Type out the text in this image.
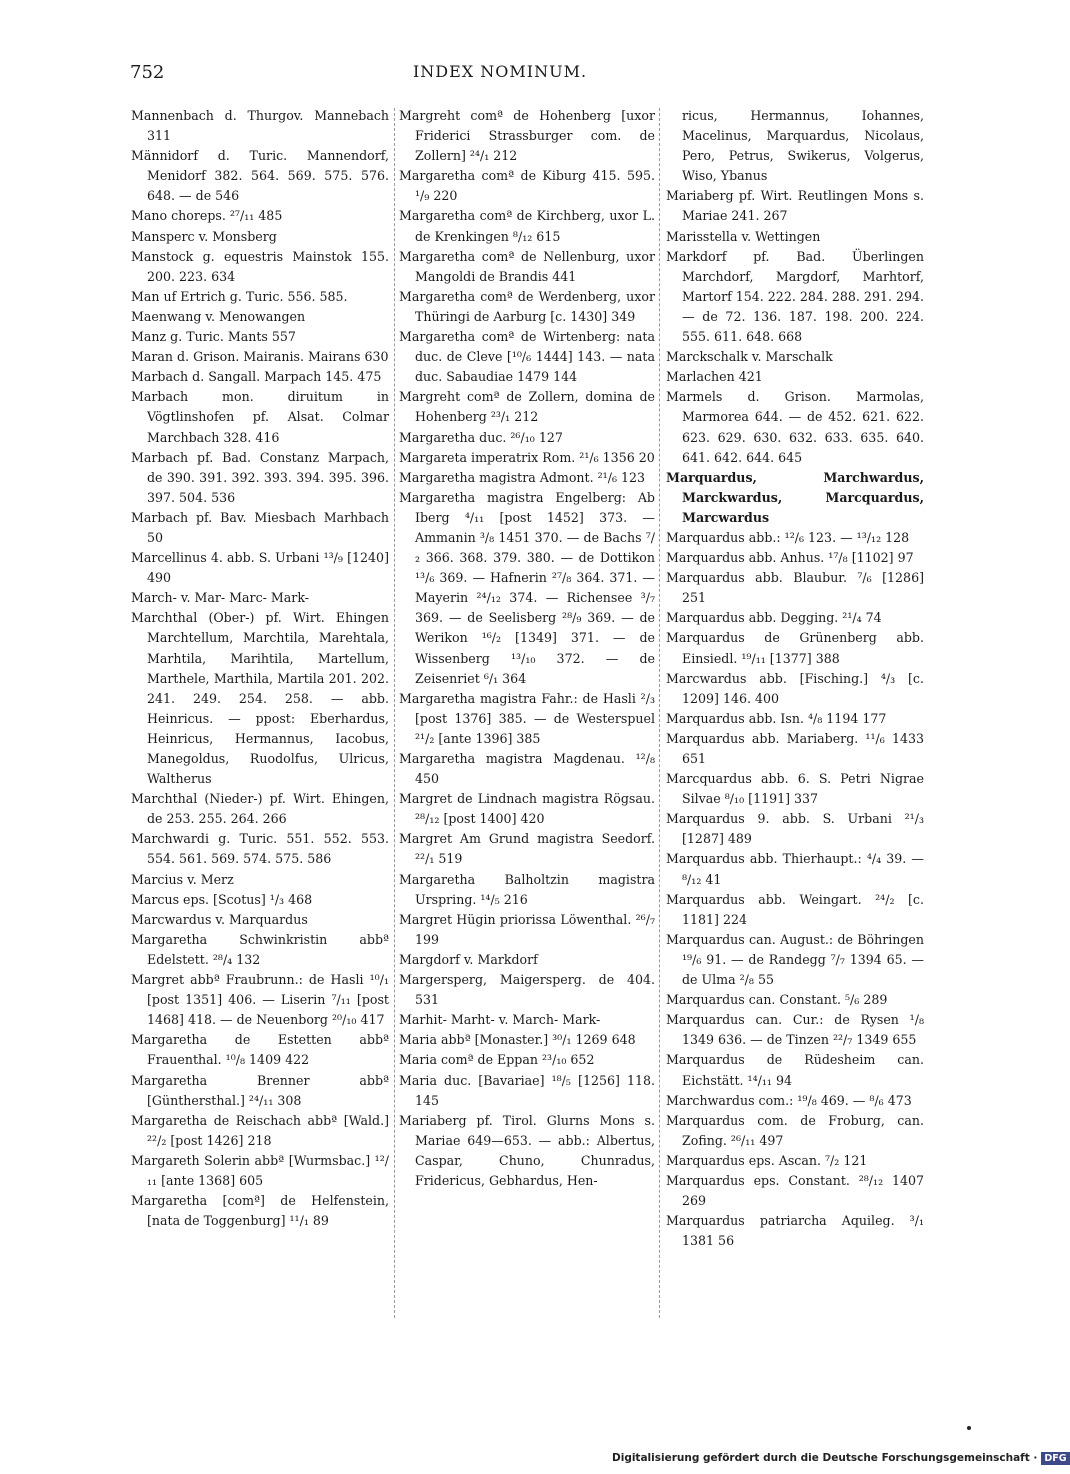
752	INDEX NOMINUM.

Mannenbach d. Thurgov. Mannebach 311

Männidorf d. Turic. Mannendorf, Menidorf 382. 564. 569. 575. 576. 648. — de 546

Mano choreps. ²⁷/₁₁ 485

Mansperc v. Monsberg

Manstock g. equestris Mainstok 155. 200. 223. 634

Man uf Ertrich g. Turic. 556. 585.

Maenwang v. Menowangen

Manz g. Turic. Mants 557

Maran d. Grison. Mairanis. Mairans 630

Marbach d. Sangall. Marpach 145. 475

Marbach mon. diruitum in Vögtlinshofen pf. Alsat. Colmar Marchbach 328. 416

Marbach pf. Bad. Constanz Marpach, de 390. 391. 392. 393. 394. 395. 396. 397. 504. 536

Marbach pf. Bav. Miesbach Marhbach 50

Marcellinus 4. abb. S. Urbani ¹³/₉ [1240] 490

March- v. Mar- Marc- Mark-

Marchthal (Ober-) pf. Wirt. Ehingen Marchtellum, Marchtila, Marehtala, Marhtila, Marihtila, Martellum, Marthele, Marthila, Martila 201. 202. 241. 249. 254. 258. — abb. Heinricus. — ppost: Eberhardus, Heinricus, Hermannus, Iacobus, Manegoldus, Ruodolfus, Ulricus, Waltherus

Marchthal (Nieder-) pf. Wirt. Ehingen, de 253. 255. 264. 266

Marchwardi g. Turic. 551. 552. 553. 554. 561. 569. 574. 575. 586

Marcius v. Merz

Marcus eps. [Scotus] ¹/₃ 468

Marcwardus v. Marquardus

Margaretha Schwinkristin abbª Edelstett. ²⁸/₄ 132

Margret abbª Fraubrunn.: de Hasli ¹⁰/₁ [post 1351] 406. — Liserin ⁷/₁₁ [post 1468] 418. — de Neuenborg ²⁰/₁₀ 417

Margaretha de Estetten abbª Frauenthal. ¹⁰/₈ 1409 422

Margaretha Brenner abbª [Günthersthal.] ²⁴/₁₁ 308

Margaretha de Reischach abbª [Wald.] ²²/₂ [post 1426] 218

Margareth Solerin abbª [Wurmsbac.] ¹²/₁₁ [ante 1368] 605

Margaretha [comª] de Helfenstein, [nata de Toggenburg] ¹¹/₁ 89

Margreht comª de Hohenberg [uxor Friderici Strassburger com. de Zollern] ²⁴/₁ 212

Margaretha comª de Kiburg 415. 595. ¹/₉ 220

Margaretha comª de Kirchberg, uxor L. de Krenkingen ⁸/₁₂ 615

Margaretha comª de Nellenburg, uxor Mangoldi de Brandis 441

Margaretha comª de Werdenberg, uxor Thüringi de Aarburg [c. 1430] 349

Margaretha comª de Wirtenberg: nata duc. de Cleve [¹⁰/₆ 1444] 143. — nata duc. Sabaudiae 1479 144

Margreht comª de Zollern, domina de Hohenberg ²³/₁ 212

Margaretha duc. ²⁶/₁₀ 127

Margareta imperatrix Rom. ²¹/₆ 1356 20

Margaretha magistra Admont. ²¹/₆ 123

Margaretha magistra Engelberg: Ab Iberg ⁴/₁₁ [post 1452] 373. — Ammanin ³/₈ 1451 370. — de Bachs ⁷/₂ 366. 368. 379. 380. — de Dottikon ¹³/₆ 369. — Hafnerin ²⁷/₈ 364. 371. — Mayerin ²⁴/₁₂ 374. — Richensee ³/₇ 369. — de Seelisberg ²⁸/₉ 369. — de Werikon ¹⁶/₂ [1349] 371. — de Wissenberg ¹³/₁₀ 372. — de Zeisenriet ⁶/₁ 364

Margaretha magistra Fahr.: de Hasli ²/₃ [post 1376] 385. — de Westerspuel ²¹/₂ [ante 1396] 385

Margaretha magistra Magdenau. ¹²/₈ 450

Margret de Lindnach magistra Rögsau. ²⁸/₁₂ [post 1400] 420

Margret Am Grund magistra Seedorf. ²²/₁ 519

Margaretha Balholtzin magistra Urspring. ¹⁴/₅ 216

Margret Hügin priorissa Löwenthal. ²⁶/₇ 199

Margdorf v. Markdorf

Margersperg, Maigersperg. de 404. 531

Marhit- Marht- v. March- Mark-

Maria abbª [Monaster.] ³⁰/₁ 1269 648

Maria comª de Eppan ²³/₁₀ 652

Maria duc. [Bavariae] ¹⁸/₅ [1256] 118. 145

Mariaberg pf. Tirol. Glurns Mons s. Mariae 649—653. — abb.: Albertus, Caspar, Chuno, Chunradus, Fridericus, Gebhardus, Hen-

ricus, Hermannus, Iohannes, Macelinus, Marquardus, Nicolaus, Pero, Petrus, Swikerus, Volgerus, Wiso, Ybanus

Mariaberg pf. Wirt. Reutlingen Mons s. Mariae 241. 267

Marisstella v. Wettingen

Markdorf pf. Bad. Überlingen Marchdorf, Margdorf, Marhtorf, Martorf 154. 222. 284. 288. 291. 294. — de 72. 136. 187. 198. 200. 224. 555. 611. 648. 668

Marckschalk v. Marschalk

Marlachen 421

Marmels d. Grison. Marmolas, Marmorea 644. — de 452. 621. 622. 623. 629. 630. 632. 633. 635. 640. 641. 642. 644. 645

Marquardus, Marchwardus, Marckwardus, Marcquardus, Marcwardus

Marquardus abb.: ¹²/₆ 123. — ¹³/₁₂ 128

Marquardus abb. Anhus. ¹⁷/₈ [1102] 97

Marquardus abb. Blaubur. ⁷/₆ [1286] 251

Marquardus abb. Degging. ²¹/₄ 74

Marquardus de Grünenberg abb. Einsiedl. ¹⁹/₁₁ [1377] 388

Marcwardus abb. [Fisching.] ⁴/₃ [c. 1209] 146. 400

Marquardus abb. Isn. ⁴/₈ 1194 177

Marquardus abb. Mariaberg. ¹¹/₆ 1433 651

Marcquardus abb. 6. S. Petri Nigrae Silvae ⁸/₁₀ [1191] 337

Marquardus 9. abb. S. Urbani ²¹/₃ [1287] 489

Marquardus abb. Thierhaupt.: ⁴/₄ 39. — ⁸/₁₂ 41

Marquardus abb. Weingart. ²⁴/₂ [c. 1181] 224

Marquardus can. August.: de Böhringen ¹⁹/₆ 91. — de Randegg ⁷/₇ 1394 65. — de Ulma ²/₈ 55

Marquardus can. Constant. ⁵/₆ 289

Marquardus can. Cur.: de Rysen ¹/₈ 1349 636. — de Tinzen ²²/₇ 1349 655

Marquardus de Rüdesheim can. Eichstätt. ¹⁴/₁₁ 94

Marchwardus com.: ¹⁹/₈ 469. — ⁸/₆ 473

Marquardus com. de Froburg, can. Zofing. ²⁶/₁₁ 497

Marquardus eps. Ascan. ⁷/₂ 121

Marquardus eps. Constant. ²⁸/₁₂ 1407 269

Marquardus patriarcha Aquileg. ³/₁ 1381 56

Digitalisierung gefördert durch die Deutsche Forschungsgemeinschaft · DFG
